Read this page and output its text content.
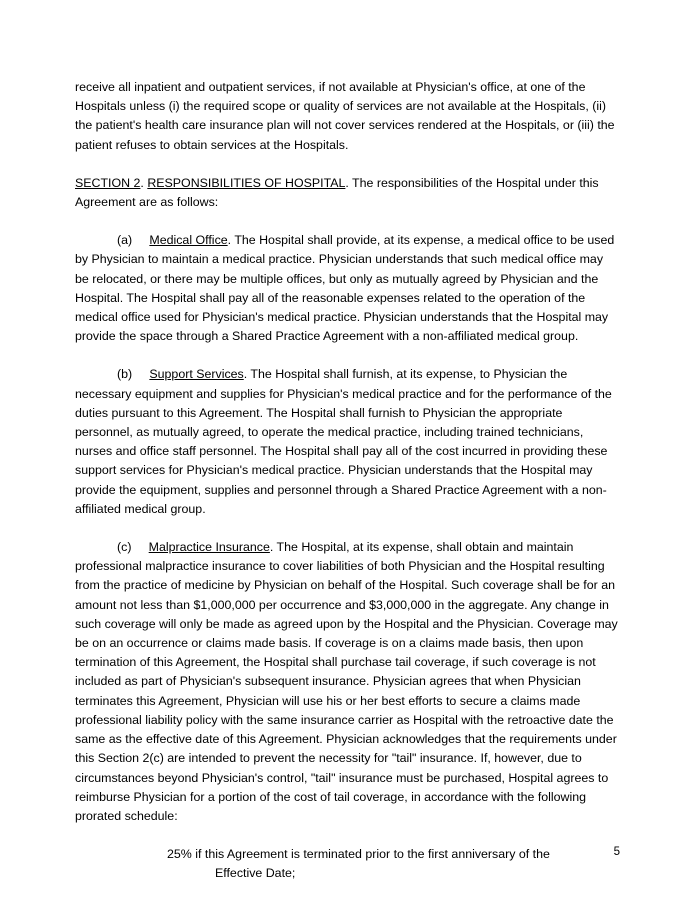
receive all inpatient and outpatient services, if not available at Physician's office, at one of the Hospitals unless (i) the required scope or quality of services are not available at the Hospitals, (ii) the patient's health care insurance plan will not cover services rendered at the Hospitals, or (iii) the patient refuses to obtain services at the Hospitals.

SECTION 2. RESPONSIBILITIES OF HOSPITAL. The responsibilities of the Hospital under this Agreement are as follows:

(a) Medical Office. The Hospital shall provide, at its expense, a medical office to be used by Physician to maintain a medical practice. Physician understands that such medical office may be relocated, or there may be multiple offices, but only as mutually agreed by Physician and the Hospital. The Hospital shall pay all of the reasonable expenses related to the operation of the medical office used for Physician's medical practice. Physician understands that the Hospital may provide the space through a Shared Practice Agreement with a non-affiliated medical group.

(b) Support Services. The Hospital shall furnish, at its expense, to Physician the necessary equipment and supplies for Physician's medical practice and for the performance of the duties pursuant to this Agreement. The Hospital shall furnish to Physician the appropriate personnel, as mutually agreed, to operate the medical practice, including trained technicians, nurses and office staff personnel. The Hospital shall pay all of the cost incurred in providing these support services for Physician's medical practice. Physician understands that the Hospital may provide the equipment, supplies and personnel through a Shared Practice Agreement with a non-affiliated medical group.

(c) Malpractice Insurance. The Hospital, at its expense, shall obtain and maintain professional malpractice insurance to cover liabilities of both Physician and the Hospital resulting from the practice of medicine by Physician on behalf of the Hospital. Such coverage shall be for an amount not less than $1,000,000 per occurrence and $3,000,000 in the aggregate. Any change in such coverage will only be made as agreed upon by the Hospital and the Physician. Coverage may be on an occurrence or claims made basis. If coverage is on a claims made basis, then upon termination of this Agreement, the Hospital shall purchase tail coverage, if such coverage is not included as part of Physician's subsequent insurance. Physician agrees that when Physician terminates this Agreement, Physician will use his or her best efforts to secure a claims made professional liability policy with the same insurance carrier as Hospital with the retroactive date the same as the effective date of this Agreement. Physician acknowledges that the requirements under this Section 2(c) are intended to prevent the necessity for "tail" insurance. If, however, due to circumstances beyond Physician's control, "tail" insurance must be purchased, Hospital agrees to reimburse Physician for a portion of the cost of tail coverage, in accordance with the following prorated schedule:

25% if this Agreement is terminated prior to the first anniversary of the Effective Date;

5
